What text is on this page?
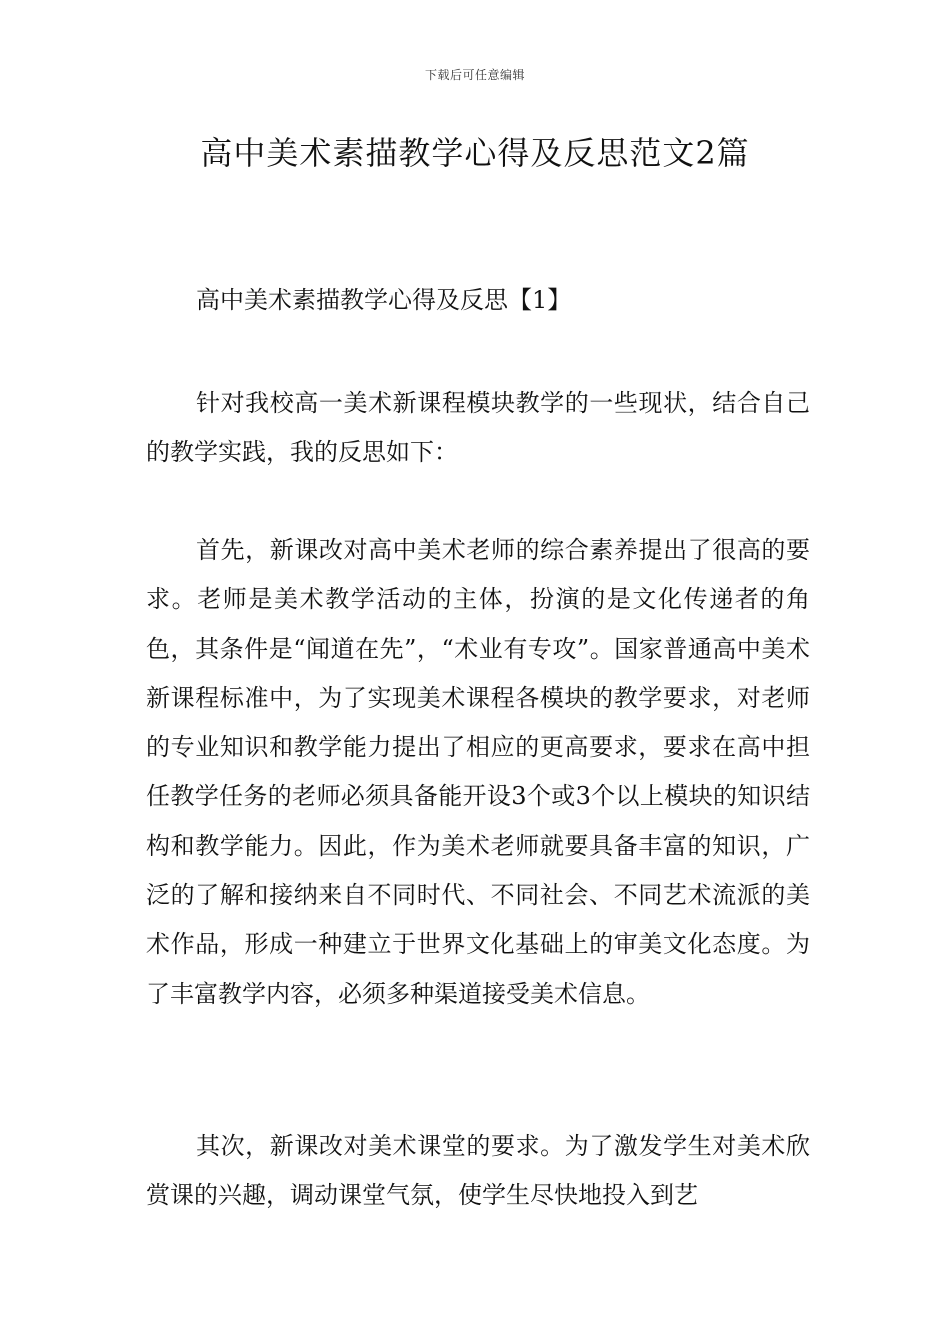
下载后可任意编辑
高中美术素描教学心得及反思范文2篇
高中美术素描教学心得及反思【1】

针对我校高一美术新课程模块教学的一些现状，结合自己的教学实践，我的反思如下：

首先，新课改对高中美术老师的综合素养提出了很高的要求。老师是美术教学活动的主体，扮演的是文化传递者的角色，其条件是“闻道在先”，“术业有专攻”。国家普通高中美术新课程标准中，为了实现美术课程各模块的教学要求，对老师的专业知识和教学能力提出了相应的更高要求，要求在高中担任教学任务的老师必须具备能开设3个或3个以上模块的知识结构和教学能力。因此，作为美术老师就要具备丰富的知识，广泛的了解和接纳来自不同时代、不同社会、不同艺术流派的美术作品，形成一种建立于世界文化基础上的审美文化态度。为了丰富教学内容，必须多种渠道接受美术信息。

其次，新课改对美术课堂的要求。为了激发学生对美术欣赏课的兴趣，调动课堂气氛，使学生尽快地投入到艺
